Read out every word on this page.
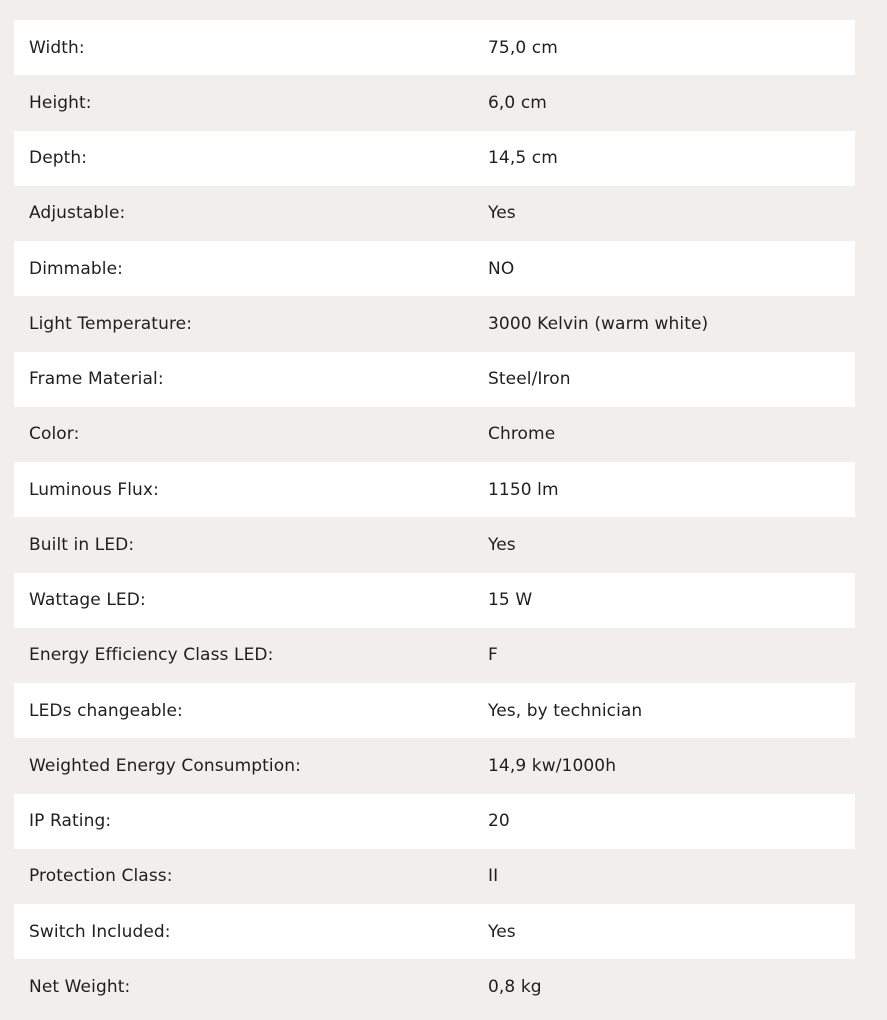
Width:	75,0 cm
Height:	6,0 cm
Depth:	14,5 cm
Adjustable:	Yes
Dimmable:	NO
Light Temperature:	3000 Kelvin (warm white)
Frame Material:	Steel/Iron
Color:	Chrome
Luminous Flux:	1150 lm
Built in LED:	Yes
Wattage LED:	15 W
Energy Efficiency Class LED:	F
LEDs changeable:	Yes, by technician
Weighted Energy Consumption:	14,9 kw/1000h
IP Rating:	20
Protection Class:	II
Switch Included:	Yes
Net Weight:	0,8 kg
